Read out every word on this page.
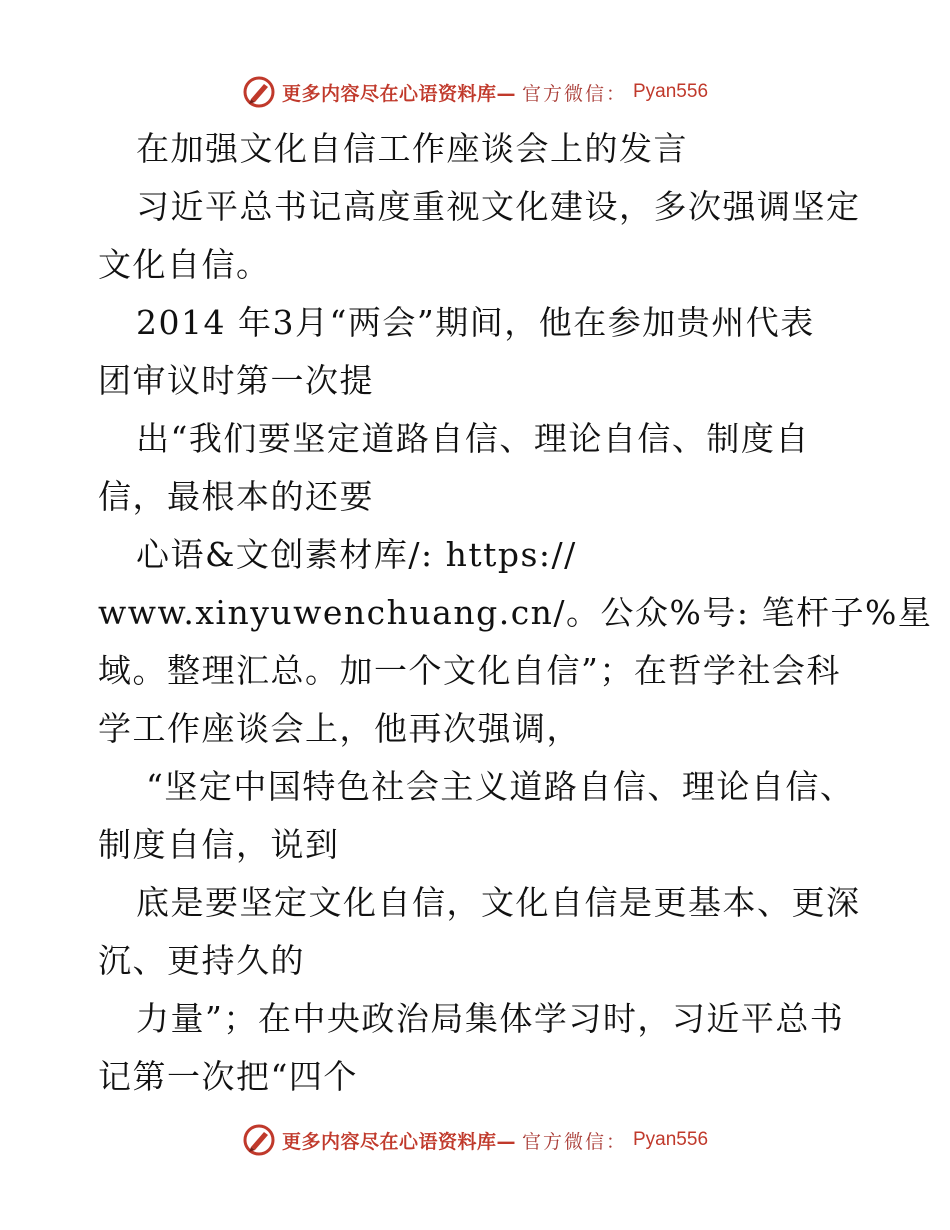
更多内容尽在心语资料库— 官方微信： Pyan556
在加强文化自信工作座谈会上的发言
习近平总书记高度重视文化建设，多次强调坚定
文化自信。
2014 年3月“两会”期间，他在参加贵州代表
团审议时第一次提
出“我们要坚定道路自信、理论自信、制度自
信，最根本的还要
心语&文创素材库/: https://
www.xinyuwenchuang.cn/。公众%号: 笔杆子%星
域。整理汇总。加一个文化自信”；在哲学社会科
学工作座谈会上，他再次强调，
“坚定中国特色社会主义道路自信、理论自信、
制度自信，说到
底是要坚定文化自信，文化自信是更基本、更深
沉、更持久的
力量”；在中央政治局集体学习时，习近平总书
记第一次把“四个
更多内容尽在心语资料库— 官方微信： Pyan556
